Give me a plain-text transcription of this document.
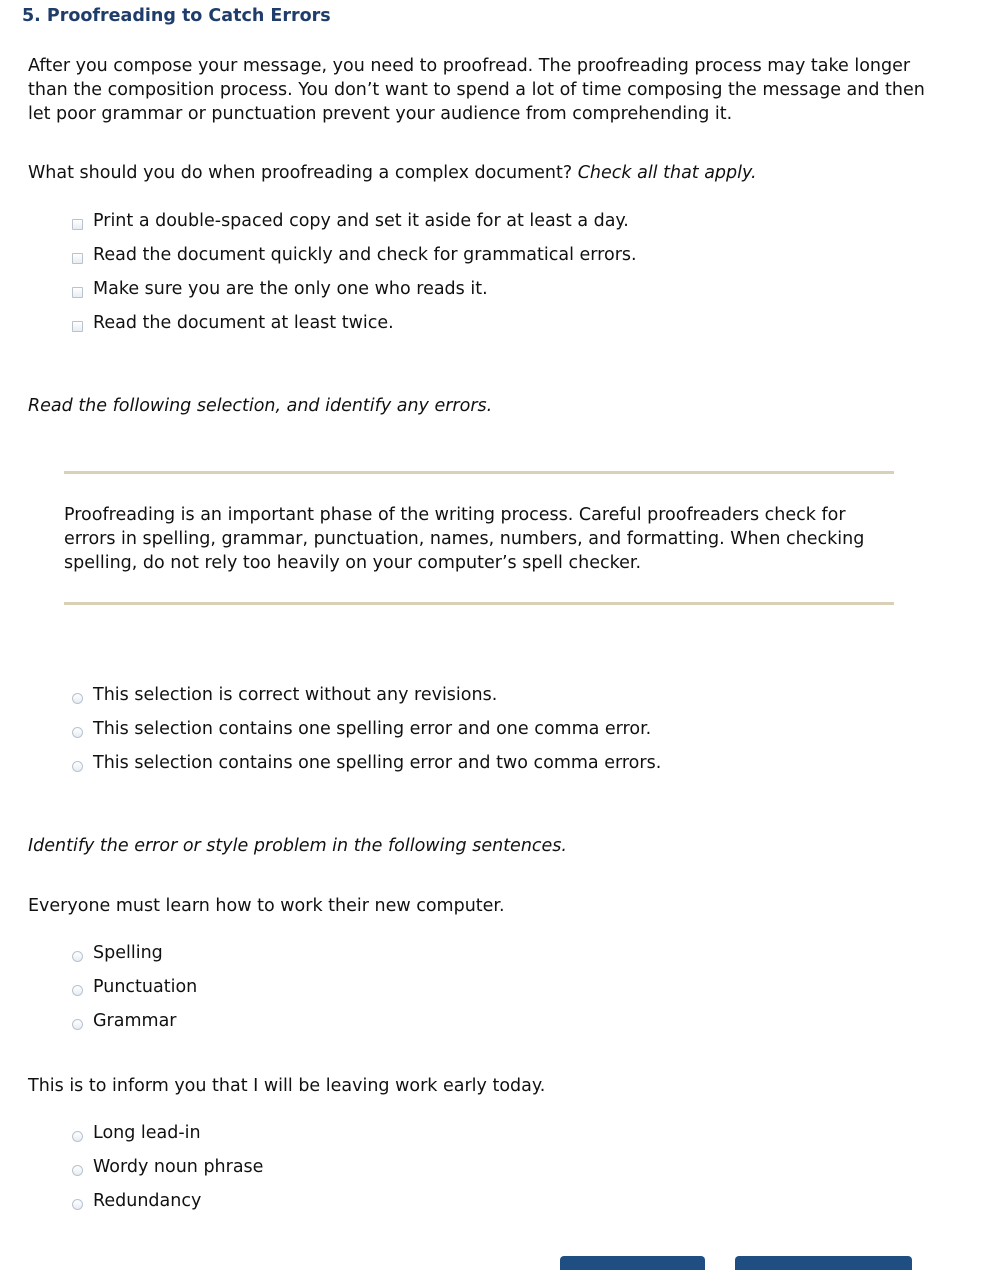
5. Proofreading to Catch Errors
After you compose your message, you need to proofread. The proofreading process may take longer than the composition process. You don’t want to spend a lot of time composing the message and then let poor grammar or punctuation prevent your audience from comprehending it.
What should you do when proofreading a complex document? Check all that apply.
Print a double-spaced copy and set it aside for at least a day.
Read the document quickly and check for grammatical errors.
Make sure you are the only one who reads it.
Read the document at least twice.
Read the following selection, and identify any errors.
Proofreading is an important phase of the writing process. Careful proofreaders check for errors in spelling, grammar, punctuation, names, numbers, and formatting. When checking spelling, do not rely too heavily on your computer’s spell checker.
This selection is correct without any revisions.
This selection contains one spelling error and one comma error.
This selection contains one spelling error and two comma errors.
Identify the error or style problem in the following sentences.
Everyone must learn how to work their new computer.
Spelling
Punctuation
Grammar
This is to inform you that I will be leaving work early today.
Long lead-in
Wordy noun phrase
Redundancy
